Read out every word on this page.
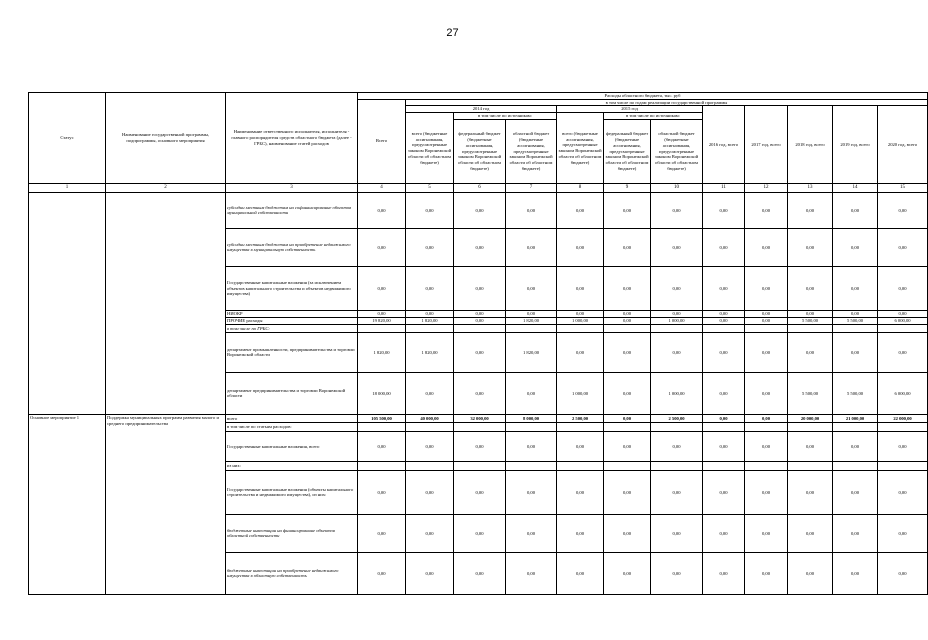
27
Статус	Наименование государственной программы, подпрограммы, основного мероприятия	Наименование ответственного исполнителя, исполнителя - главного распорядителя средств областного бюджета (далее - ГРБС), наименование статей расходов	Расходы областного бюджета, тыс. руб											
			Всего	в том числе по годам реализации государственной программы										
				2014 год			2015 год			2016 год, всего	2017 год, всего	2018 год, всего	2019 год, всего	2020 год, всего
				всего (бюджетные ассигнования, предусмотренные законом Воронежской области об областном бюджете)	в том числе по источникам:		всего (бюджетные ассигнования, предусмотренные законом Воронежской области об областном бюджете)	в том числе по источникам:						
					федеральный бюджет (бюджетные ассигнования, предусмотренные законом Воронежской области об областном бюджете)	областной бюджет (бюджетные ассигнования, предусмотренные законом Воронежской области об областном бюджете)		федеральный бюджет (бюджетные ассигнования, предусмотренные законом Воронежской области об областном бюджете)	областной бюджет (бюджетные ассигнования, предусмотренные законом Воронежской области об областном бюджете)					
1	2	3	4	5	6	7	8	9	10	11	12	13	14	15
		субсидии местным бюджетам на софинансирование объектов муниципальной собственности	0,00	0,00	0,00	0,00	0,00	0,00	0,00	0,00	0,00	0,00	0,00	0,00
		субсидии местным бюджетам на приобретение недвижимого имущества в муниципальную собственность	0,00	0,00	0,00	0,00	0,00	0,00	0,00	0,00	0,00	0,00	0,00	0,00
		Государственные капитальные вложения (за исключением объектов капитального строительства и объектов недвижимого имущества)	0,00	0,00	0,00	0,00	0,00	0,00	0,00	0,00	0,00	0,00	0,00	0,00
		НИОКР	0,00	0,00	0,00	0,00	0,00	0,00	0,00	0,00	0,00	0,00	0,00	0,00
		ПРОЧИЕ расходы	19 820,00	1 820,00	0,00	1 820,00	1 000,00	0,00	1 000,00	0,00	0,00	5 500,00	5 500,00	6 000,00
		в том числе по ГРБС:												
		департамент промышленности, предпринимательства и торговли Воронежской области	1 820,00	1 820,00	0,00	1 820,00	0,00	0,00	0,00	0,00	0,00	0,00	0,00	0,00
		департамент предпринимательства и торговли Воронежской области	18 000,00	0,00	0,00	0,00	1 000,00	0,00	1 000,00	0,00	0,00	5 500,00	5 500,00	6 000,00
Основное мероприятие 1	Поддержка муниципальных программ развития малого и среднего предпринимательства	всего	105 500,00	40 000,00	32 000,00	8 000,00	2 500,00	0,00	2 500,00	0,00	0,00	20 000,00	21 000,00	22 000,00
		в том числе по статьям расходов:												
		Государственные капитальные вложения, всего	0,00	0,00	0,00	0,00	0,00	0,00	0,00	0,00	0,00	0,00	0,00	0,00
		из них:												
		Государственные капитальные вложения (объекты капитального строительства и недвижимого имущества), из них:	0,00	0,00	0,00	0,00	0,00	0,00	0,00	0,00	0,00	0,00	0,00	0,00
		бюджетные инвестиции на финансирование объектов областной собственности	0,00	0,00	0,00	0,00	0,00	0,00	0,00	0,00	0,00	0,00	0,00	0,00
		бюджетные инвестиции на приобретение недвижимого имущества в областную собственность	0,00	0,00	0,00	0,00	0,00	0,00	0,00	0,00	0,00	0,00	0,00	0,00
